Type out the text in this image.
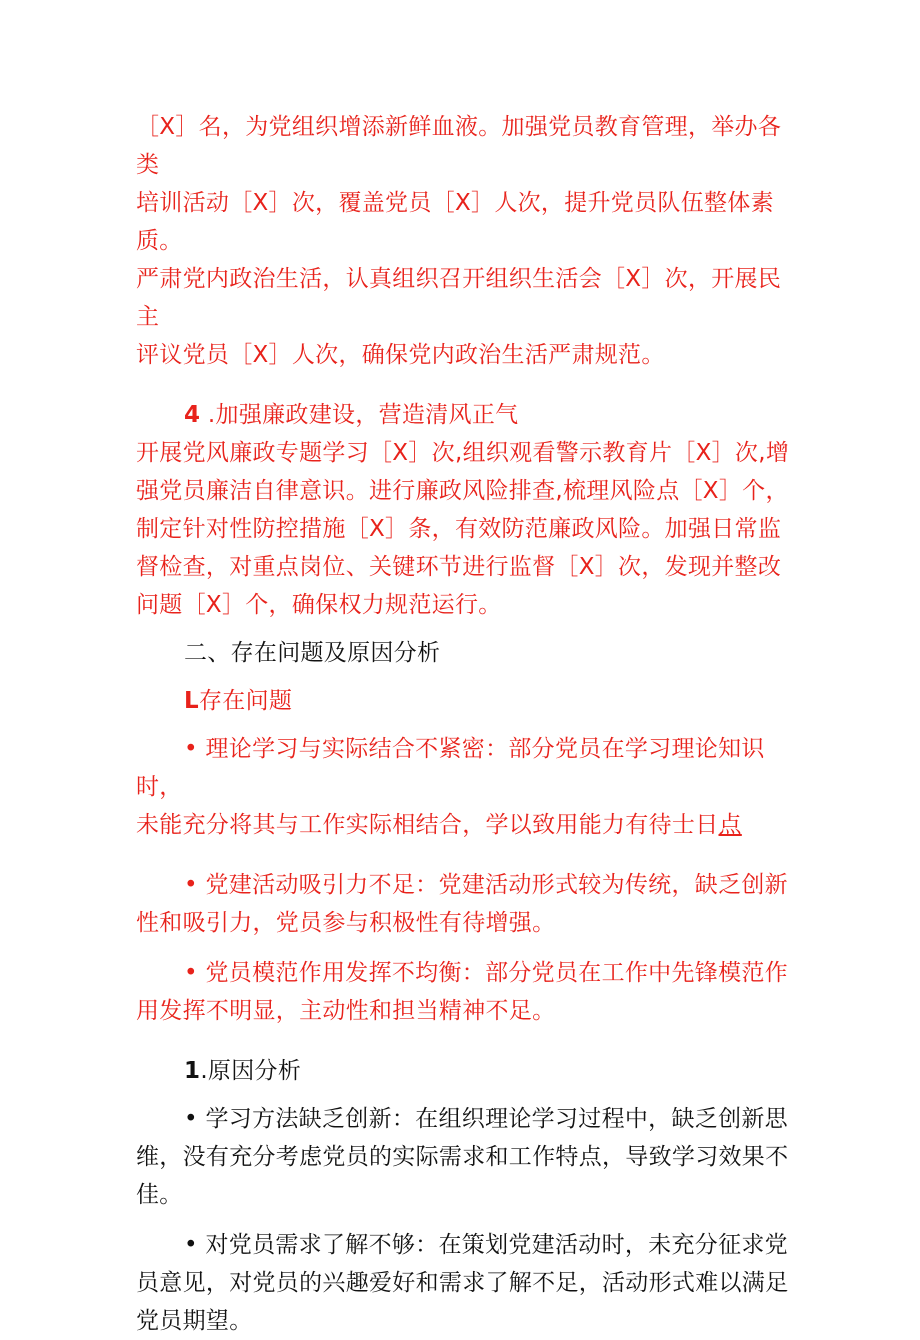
［X］名，为党组织增添新鲜血液。加强党员教育管理，举办各类

培训活动［X］次，覆盖党员［X］人次，提升党员队伍整体素质。

严肃党内政治生活，认真组织召开组织生活会［X］次，开展民主

评议党员［X］人次，确保党内政治生活严肃规范。

4 .加强廉政建设，营造清风正气

开展党风廉政专题学习［X］次,组织观看警示教育片［X］次,增

强党员廉洁自律意识。进行廉政风险排查,梳理风险点［X］个，

制定针对性防控措施［X］条，有效防范廉政风险。加强日常监

督检查，对重点岗位、关键环节进行监督［X］次，发现并整改

问题［X］个，确保权力规范运行。

二、存在问题及原因分析

L存在问题

• 理论学习与实际结合不紧密：部分党员在学习理论知识时，

未能充分将其与工作实际相结合，学以致用能力有待士日点

• 党建活动吸引力不足：党建活动形式较为传统，缺乏创新

性和吸引力，党员参与积极性有待增强。

• 党员模范作用发挥不均衡：部分党员在工作中先锋模范作

用发挥不明显，主动性和担当精神不足。

1.原因分析

• 学习方法缺乏创新：在组织理论学习过程中，缺乏创新思

维，没有充分考虑党员的实际需求和工作特点，导致学习效果不

佳。

• 对党员需求了解不够：在策划党建活动时，未充分征求党

员意见，对党员的兴趣爱好和需求了解不足，活动形式难以满足

党员期望。
